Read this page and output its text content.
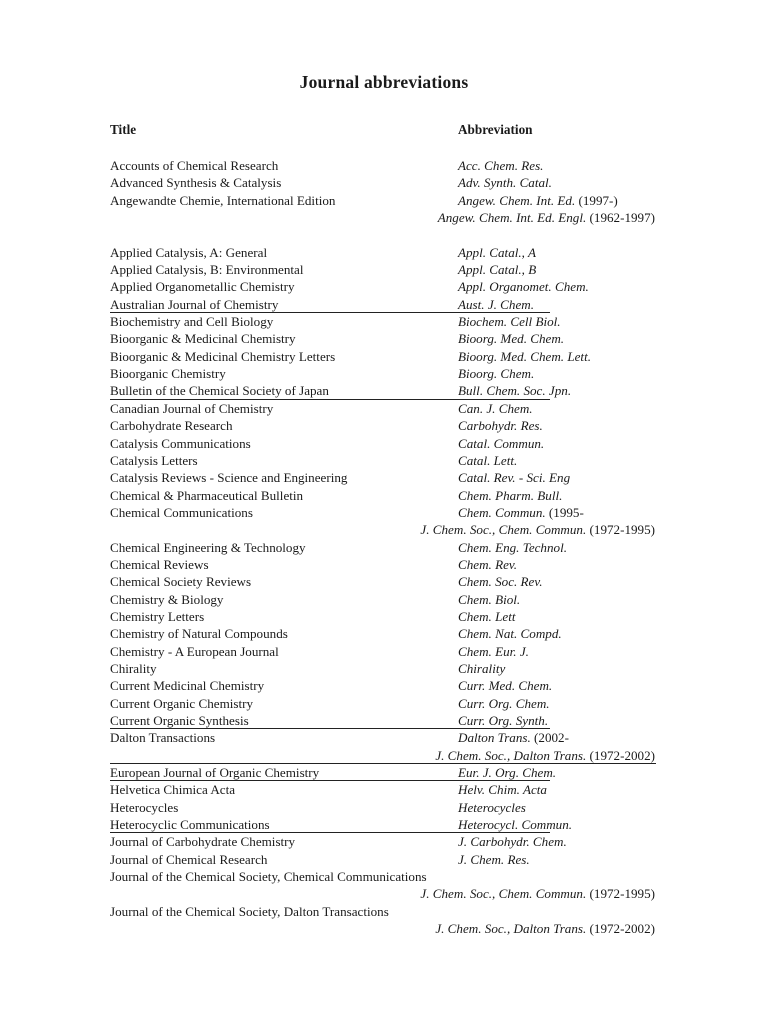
Journal abbreviations
Title	Abbreviation
Accounts of Chemical Research	Acc. Chem. Res.
Advanced Synthesis & Catalysis	Adv. Synth. Catal.
Angewandte Chemie, International Edition	Angew. Chem. Int. Ed. (1997-)
Angew. Chem. Int. Ed. Engl. (1962-1997)
Applied Catalysis, A: General	Appl. Catal., A
Applied Catalysis, B: Environmental	Appl. Catal., B
Applied Organometallic Chemistry	Appl. Organomet. Chem.
Australian Journal of Chemistry	Aust. J. Chem.
Biochemistry and Cell Biology	Biochem. Cell Biol.
Bioorganic & Medicinal Chemistry	Bioorg. Med. Chem.
Bioorganic & Medicinal Chemistry Letters	Bioorg. Med. Chem. Lett.
Bioorganic Chemistry	Bioorg. Chem.
Bulletin of the Chemical Society of Japan	Bull. Chem. Soc. Jpn.
Canadian Journal of Chemistry	Can. J. Chem.
Carbohydrate Research	Carbohydr. Res.
Catalysis Communications	Catal. Commun.
Catalysis Letters	Catal. Lett.
Catalysis Reviews - Science and Engineering	Catal. Rev. - Sci. Eng
Chemical & Pharmaceutical Bulletin	Chem. Pharm. Bull.
Chemical Communications	Chem. Commun. (1995-
J. Chem. Soc., Chem. Commun. (1972-1995)
Chemical Engineering & Technology	Chem. Eng. Technol.
Chemical Reviews	Chem. Rev.
Chemical Society Reviews	Chem. Soc. Rev.
Chemistry & Biology	Chem. Biol.
Chemistry Letters	Chem. Lett
Chemistry of Natural Compounds	Chem. Nat. Compd.
Chemistry - A European Journal	Chem. Eur. J.
Chirality	Chirality
Current Medicinal Chemistry	Curr. Med. Chem.
Current Organic Chemistry	Curr. Org. Chem.
Current Organic Synthesis	Curr. Org. Synth.
Dalton Transactions	Dalton Trans. (2002-
J. Chem. Soc., Dalton Trans. (1972-2002)
European Journal of Organic Chemistry	Eur. J. Org. Chem.
Helvetica Chimica Acta	Helv. Chim. Acta
Heterocycles	Heterocycles
Heterocyclic Communications	Heterocycl. Commun.
Journal of Carbohydrate Chemistry	J. Carbohydr. Chem.
Journal of Chemical Research	J. Chem. Res.
Journal of the Chemical Society, Chemical Communications
J. Chem. Soc., Chem. Commun. (1972-1995)
Journal of the Chemical Society, Dalton Transactions
J. Chem. Soc., Dalton Trans. (1972-2002)
